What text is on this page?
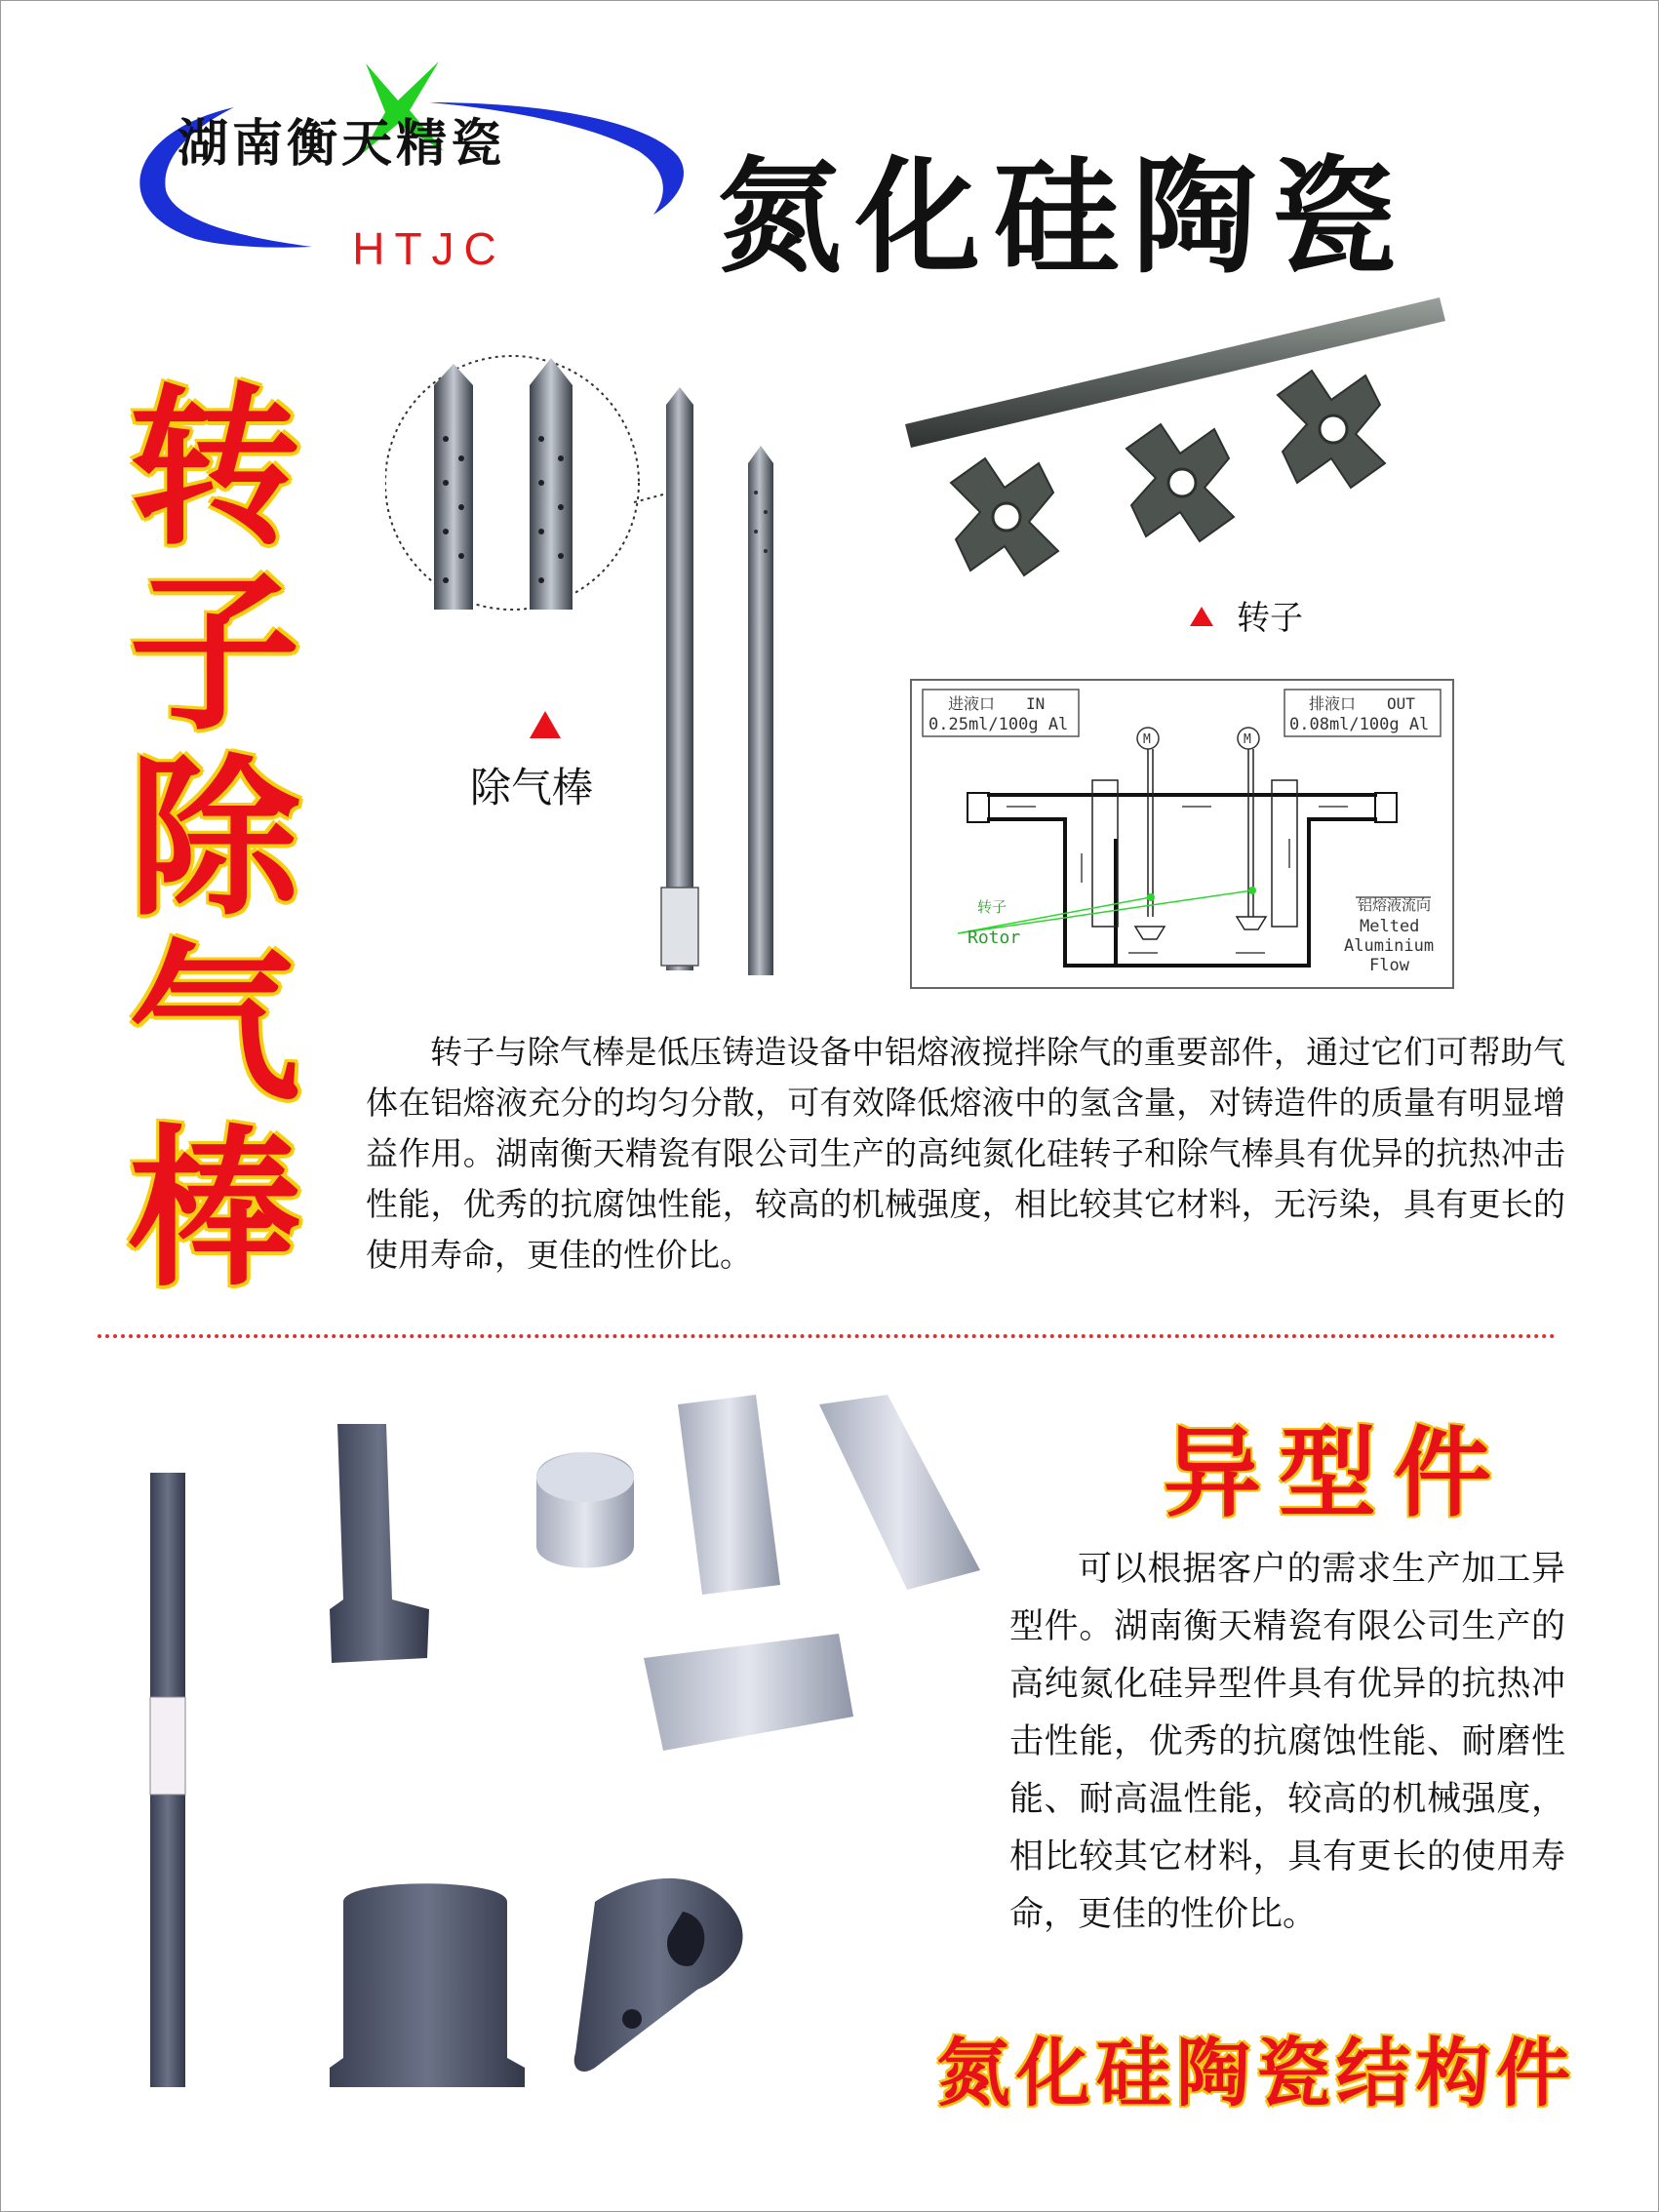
湖南衡天精瓷
HTJC	氮化硅陶瓷
转
子
除
气
棒
除气棒
转子
进液口 IN
0.25ml/100g Al
排液口 OUT
0.08ml/100g Al
M	M
转子
Rotor
铝熔液流向
Melted
Aluminium
Flow

转子与除气棒是低压铸造设备中铝熔液搅拌除气的重要部件，通过它们可帮助气体在铝熔液充分的均匀分散，可有效降低熔液中的氢含量，对铸造件的质量有明显增益作用。湖南衡天精瓷有限公司生产的高纯氮化硅转子和除气棒具有优异的抗热冲击性能，优秀的抗腐蚀性能，较高的机械强度，相比较其它材料，无污染，具有更长的使用寿命，更佳的性价比。

异型件

可以根据客户的需求生产加工异型件。湖南衡天精瓷有限公司生产的高纯氮化硅异型件具有优异的抗热冲击性能，优秀的抗腐蚀性能、耐磨性能、耐高温性能，较高的机械强度，相比较其它材料，具有更长的使用寿命，更佳的性价比。

氮化硅陶瓷结构件
